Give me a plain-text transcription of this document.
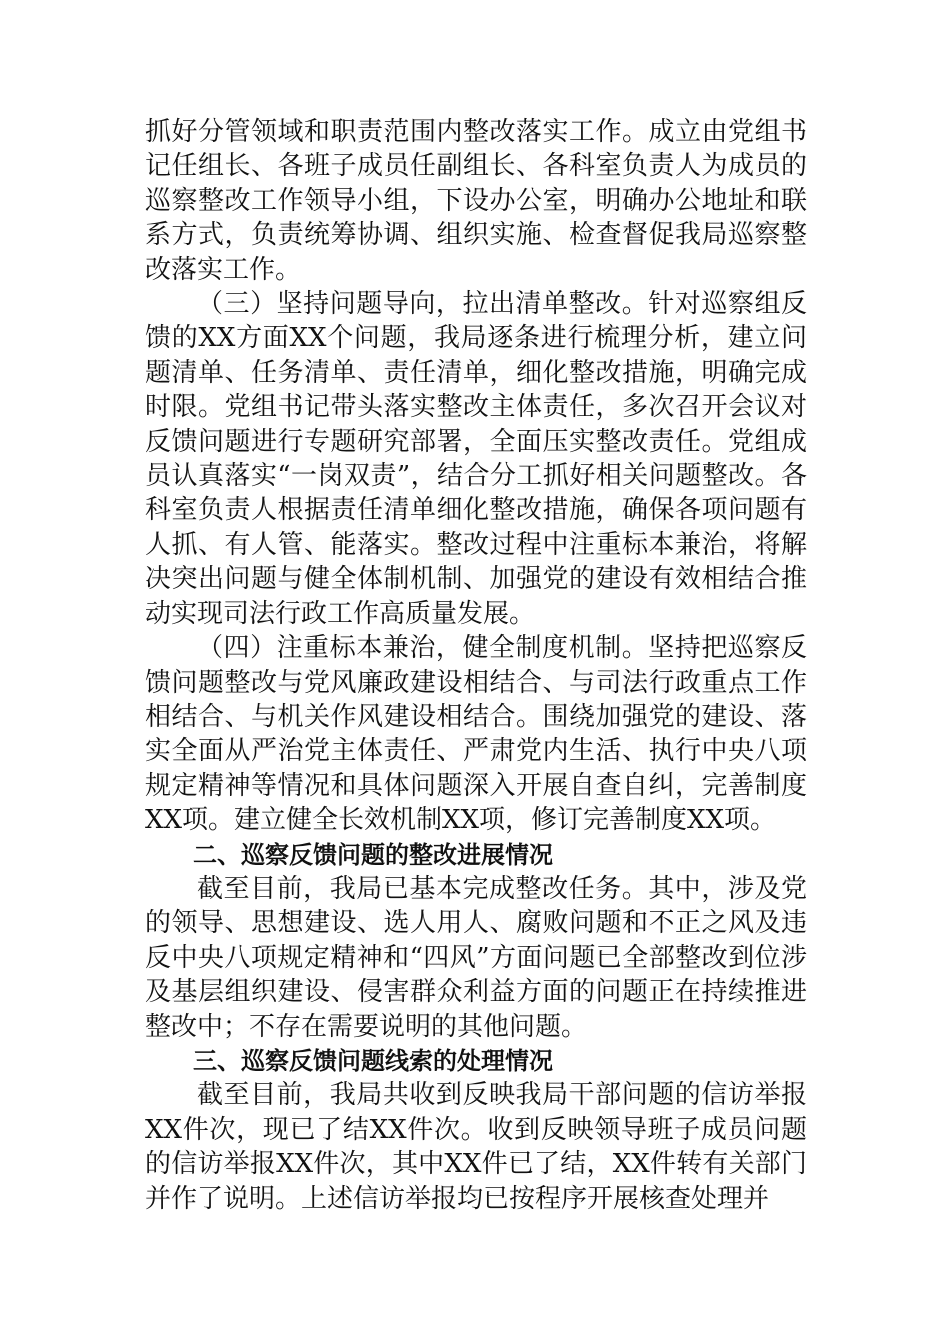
抓好分管领域和职责范围内整改落实工作。成立由党组书记任组长、各班子成员任副组长、各科室负责人为成员的巡察整改工作领导小组，下设办公室，明确办公地址和联系方式，负责统筹协调、组织实施、检查督促我局巡察整改落实工作。

（三）坚持问题导向，拉出清单整改。针对巡察组反馈的XX方面XX个问题，我局逐条进行梳理分析，建立问题清单、任务清单、责任清单，细化整改措施，明确完成时限。党组书记带头落实整改主体责任，多次召开会议对反馈问题进行专题研究部署，全面压实整改责任。党组成员认真落实“一岗双责”，结合分工抓好相关问题整改。各科室负责人根据责任清单细化整改措施，确保各项问题有人抓、有人管、能落实。整改过程中注重标本兼治，将解决突出问题与健全体制机制、加强党的建设有效相结合推动实现司法行政工作高质量发展。

（四）注重标本兼治，健全制度机制。坚持把巡察反馈问题整改与党风廉政建设相结合、与司法行政重点工作相结合、与机关作风建设相结合。围绕加强党的建设、落实全面从严治党主体责任、严肃党内生活、执行中央八项规定精神等情况和具体问题深入开展自查自纠，完善制度XX项。建立健全长效机制XX项，修订完善制度XX项。

二、巡察反馈问题的整改进展情况

截至目前，我局已基本完成整改任务。其中，涉及党的领导、思想建设、选人用人、腐败问题和不正之风及违反中央八项规定精神和“四风”方面问题已全部整改到位涉及基层组织建设、侵害群众利益方面的问题正在持续推进整改中；不存在需要说明的其他问题。

三、巡察反馈问题线索的处理情况

截至目前，我局共收到反映我局干部问题的信访举报XX件次，现已了结XX件次。收到反映领导班子成员问题的信访举报XX件次，其中XX件已了结，XX件转有关部门并作了说明。上述信访举报均已按程序开展核查处理并
